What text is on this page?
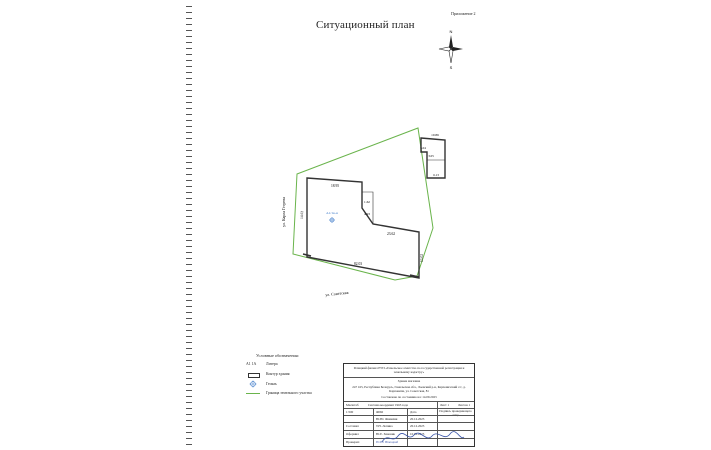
Приложение 2
Ситуационный план
N
S
А1/1к-н
18.95
14.63
1.62
4.93
23.62
82.03
13.02
10.86
5.04
3.05
6.13
ул. Карла Гегрева
ул. Советская
Условные обозначения:
А1 1А	Литера
Контур здания
Геокаь
Граница земельного участка
Речицкий филиал РУП «Гомельское агентство по государственной регистрации и земельному кадастру»
Здание магазина
247 165, Республика Беларусь, Гомельская обл., Лоевский р-н, Карповичский с/с, д. Карповичи, ул. Советская, 81
Составлено по состоянию на: 14.09.2023
Масштаб	Система координат 1963 года	Лист 1	Листов 1
1:500	ФИО	Дата	Подпись проверяющего лица
Ю.Ю. Фамилия	20.12.2023
Составил	Т.Н. Лопина	20.12.2023
Оформил	Ю.Е. Зиновик	10.02.2025
Проверил	Ю.Ю. Новицкий
